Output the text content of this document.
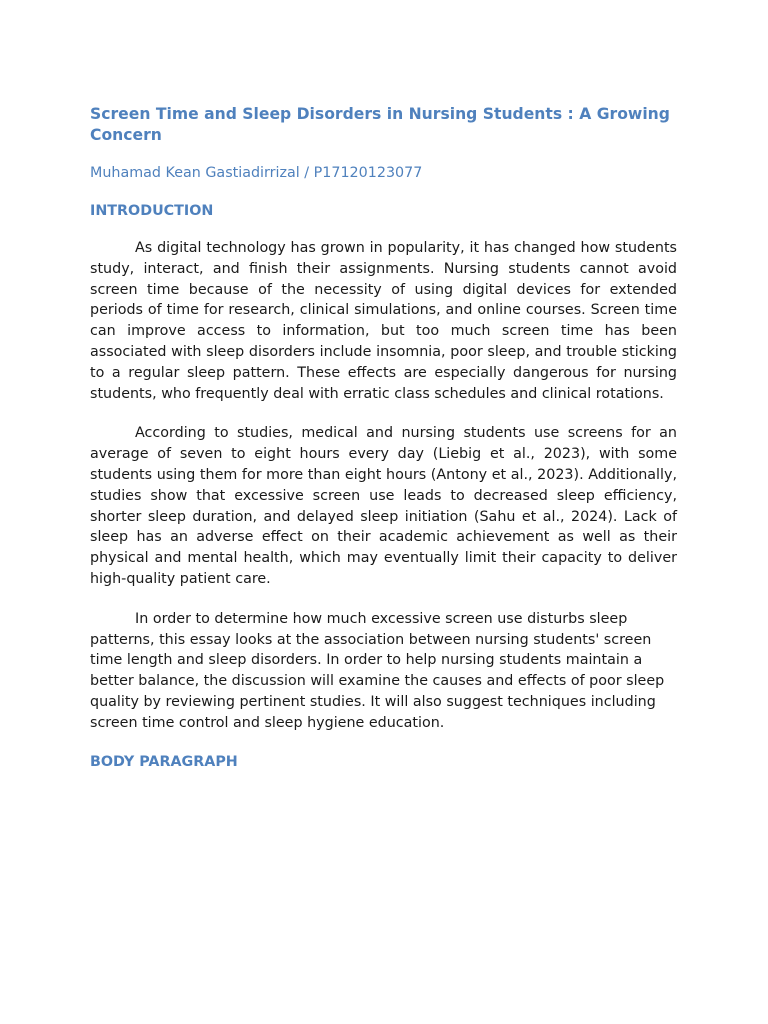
Screen Time and Sleep Disorders in Nursing Students : A Growing Concern

Muhamad Kean Gastiadirrizal / P17120123077

INTRODUCTION

As digital technology has grown in popularity, it has changed how students study, interact, and finish their assignments. Nursing students cannot avoid screen time because of the necessity of using digital devices for extended periods of time for research, clinical simulations, and online courses. Screen time can improve access to information, but too much screen time has been associated with sleep disorders include insomnia, poor sleep, and trouble sticking to a regular sleep pattern. These effects are especially dangerous for nursing students, who frequently deal with erratic class schedules and clinical rotations.

According to studies, medical and nursing students use screens for an average of seven to eight hours every day (Liebig et al., 2023), with some students using them for more than eight hours (Antony et al., 2023). Additionally, studies show that excessive screen use leads to decreased sleep efficiency, shorter sleep duration, and delayed sleep initiation (Sahu et al., 2024). Lack of sleep has an adverse effect on their academic achievement as well as their physical and mental health, which may eventually limit their capacity to deliver high-quality patient care.

In order to determine how much excessive screen use disturbs sleep patterns, this essay looks at the association between nursing students' screen time length and sleep disorders. In order to help nursing students maintain a better balance, the discussion will examine the causes and effects of poor sleep quality by reviewing pertinent studies. It will also suggest techniques including screen time control and sleep hygiene education.

BODY PARAGRAPH
